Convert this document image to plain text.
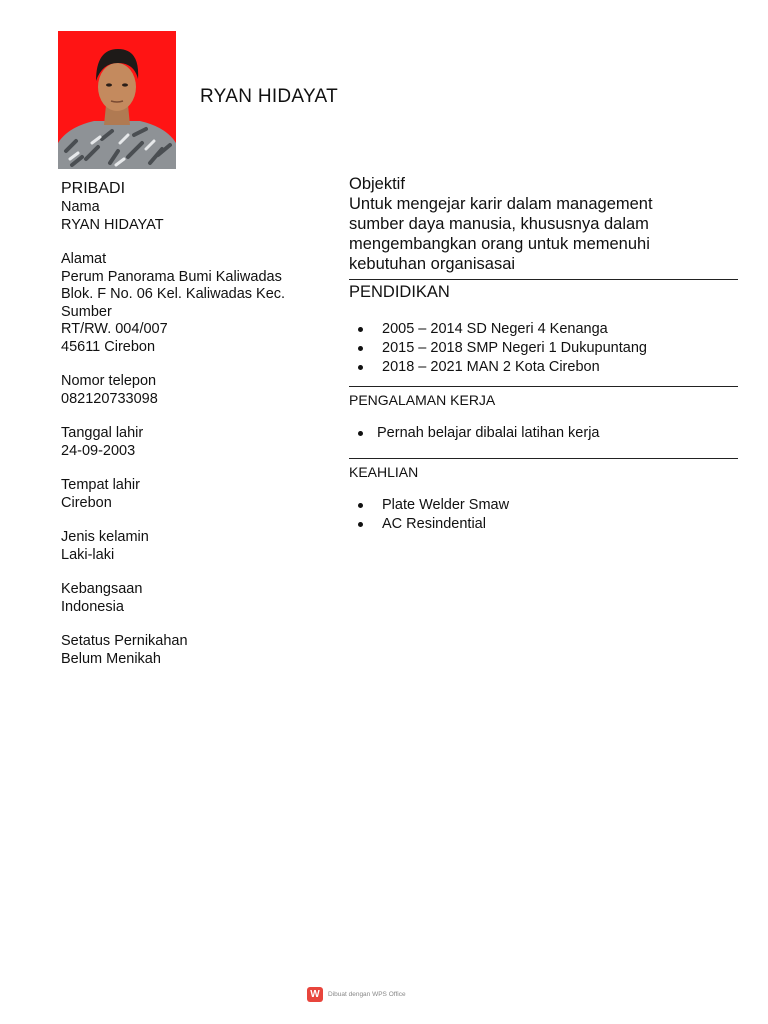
RYAN HIDAYAT
PRIBADI
Nama
RYAN HIDAYAT
Alamat
Perum Panorama Bumi Kaliwadas
Blok. F No. 06 Kel. Kaliwadas Kec.
Sumber
RT/RW. 004/007
45611 Cirebon
Nomor telepon
082120733098
Tanggal lahir
24-09-2003
Tempat lahir
Cirebon
Jenis kelamin
Laki-laki
Kebangsaan
Indonesia
Setatus Pernikahan
Belum Menikah
Objektif
Untuk mengejar karir dalam management
sumber daya manusia, khususnya dalam
mengembangkan orang untuk memenuhi
kebutuhan organisasai
PENDIDIKAN
2005 – 2014 SD Negeri 4 Kenanga
2015 – 2018 SMP Negeri 1 Dukupuntang
2018 – 2021 MAN 2 Kota Cirebon
PENGALAMAN KERJA
Pernah belajar dibalai latihan kerja
KEAHLIAN
Plate Welder Smaw
AC Resindential
W	Dibuat dengan WPS Office
